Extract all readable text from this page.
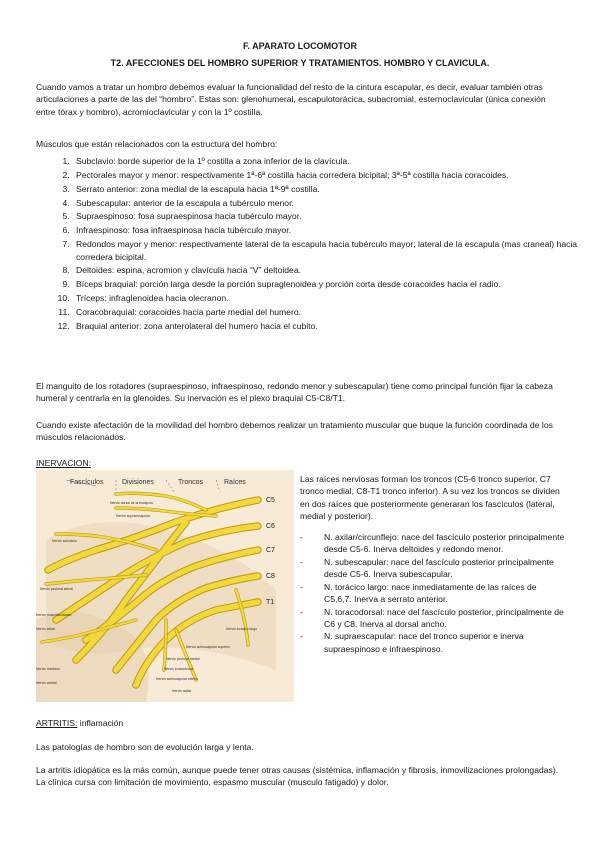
F. APARATO LOCOMOTOR
T2. AFECCIONES DEL HOMBRO SUPERIOR Y TRATAMIENTOS. HOMBRO Y CLAVICULA.
Cuando vamos a tratar un hombro debemos evaluar la funcionalidad del resto de la cintura escapular, es decir, evaluar también otras articulaciones a parte de las del “hombro”. Estas son: glenohumeral, escapulotorácica, subacromial, esternoclavicular (única conexión entre tórax y hombro), acromioclavicular y con la 1º costilla.
Músculos que están relacionados con la estructura del hombro:
1. Subclavio: borde superior de la 1º costilla a zona inferior de la clavícula.
2. Pectorales mayor y menor: respectivamente 1ª-6ª costilla hacia corredera bicipital; 3ª-5ª costilla hacia coracoides.
3. Serrato anterior: zona medial de la escapula hacia 1ª-9ª costilla.
4. Subescapular: anterior de la escapula a tubérculo menor.
5. Supraespinoso: fosa supraespinosa hacia tubérculo mayor.
6. Infraespinoso: fosa infraespinosa hacia tubérculo mayor.
7. Redondos mayor y menor: respectivamente lateral de la escapula hacia tubérculo mayor; lateral de la escapula (mas craneal) hacia corredera bicipital.
8. Deltoides: espina, acromion y clavícula hacia “V” deltoidea.
9. Bíceps braquial: porción larga desde la porción supraglenoidea y porción corta desde coracoides hacia el radio.
10. Tríceps: infraglenoidea hacia olecranon.
11. Coracobraquial: coracoides hacia parte medial del humero.
12. Braquial anterior: zona anterolateral del humero hacia el cubito.
El manguito de los rotadores (supraespinoso, infraespinoso, redondo menor y subescapular) tiene como principal función fijar la cabeza humeral y centrarla en la glenoides. Su inervación es el plexo braquial C5-C8/T1.
Cuando existe afectación de la movilidad del hombro debemos realizar un tratamiento muscular que buque la función coordinada de los músculos relacionados.
INERVACION:
Fascículos	Divisiones	Troncos	Raíces
C5
C6
C7
C8
T1
Nervio dorsal de la escápula
Nervio supraescapular
Nervio subclavio
Nervio pectoral lateral
Nervio musculocutáneo
Nervio axilar
Nervio mediano
Nervio cubital
Nervio radial
Nervio subescapular superior
Nervio pectoral medial
Nervio toracodorsal
Nervio subescapular inferior
Nervio torácico largo

Las raíces nerviosas forman los troncos (C5-6 tronco superior, C7 tronco medial, C8-T1 tronco inferior). A su vez los troncos se dividen en dos raíces que posteriormente generaran los fascículos (lateral, medial y posterior).

- N. axilar/circunflejo: nace del fascículo posterior principalmente desde C5-6. Inerva deltoides y redondo menor.
- N. subescapular: nace del fascículo posterior principalmente desde C5-6. Inerva subescapular.
- N. torácico largo: nace inmediatamente de las raíces de C5,6,7. Inerva a serrato anterior.
- N. toracodorsal: nace del fascículo posterior, principalmente de C6 y C8. Inerva al dorsal ancho.
- N. supraescapular: nace del tronco superior e inerva supraespinoso e infraespinoso.
ARTRITIS: inflamación
Las patologías de hombro son de evolución larga y lenta.
La artritis idiopática es la más común, aunque puede tener otras causas (sistémica, inflamación y fibrosis, inmovilizaciones prolongadas). La clínica cursa con limitación de movimiento, espasmo muscular (musculo fatigado) y dolor.
